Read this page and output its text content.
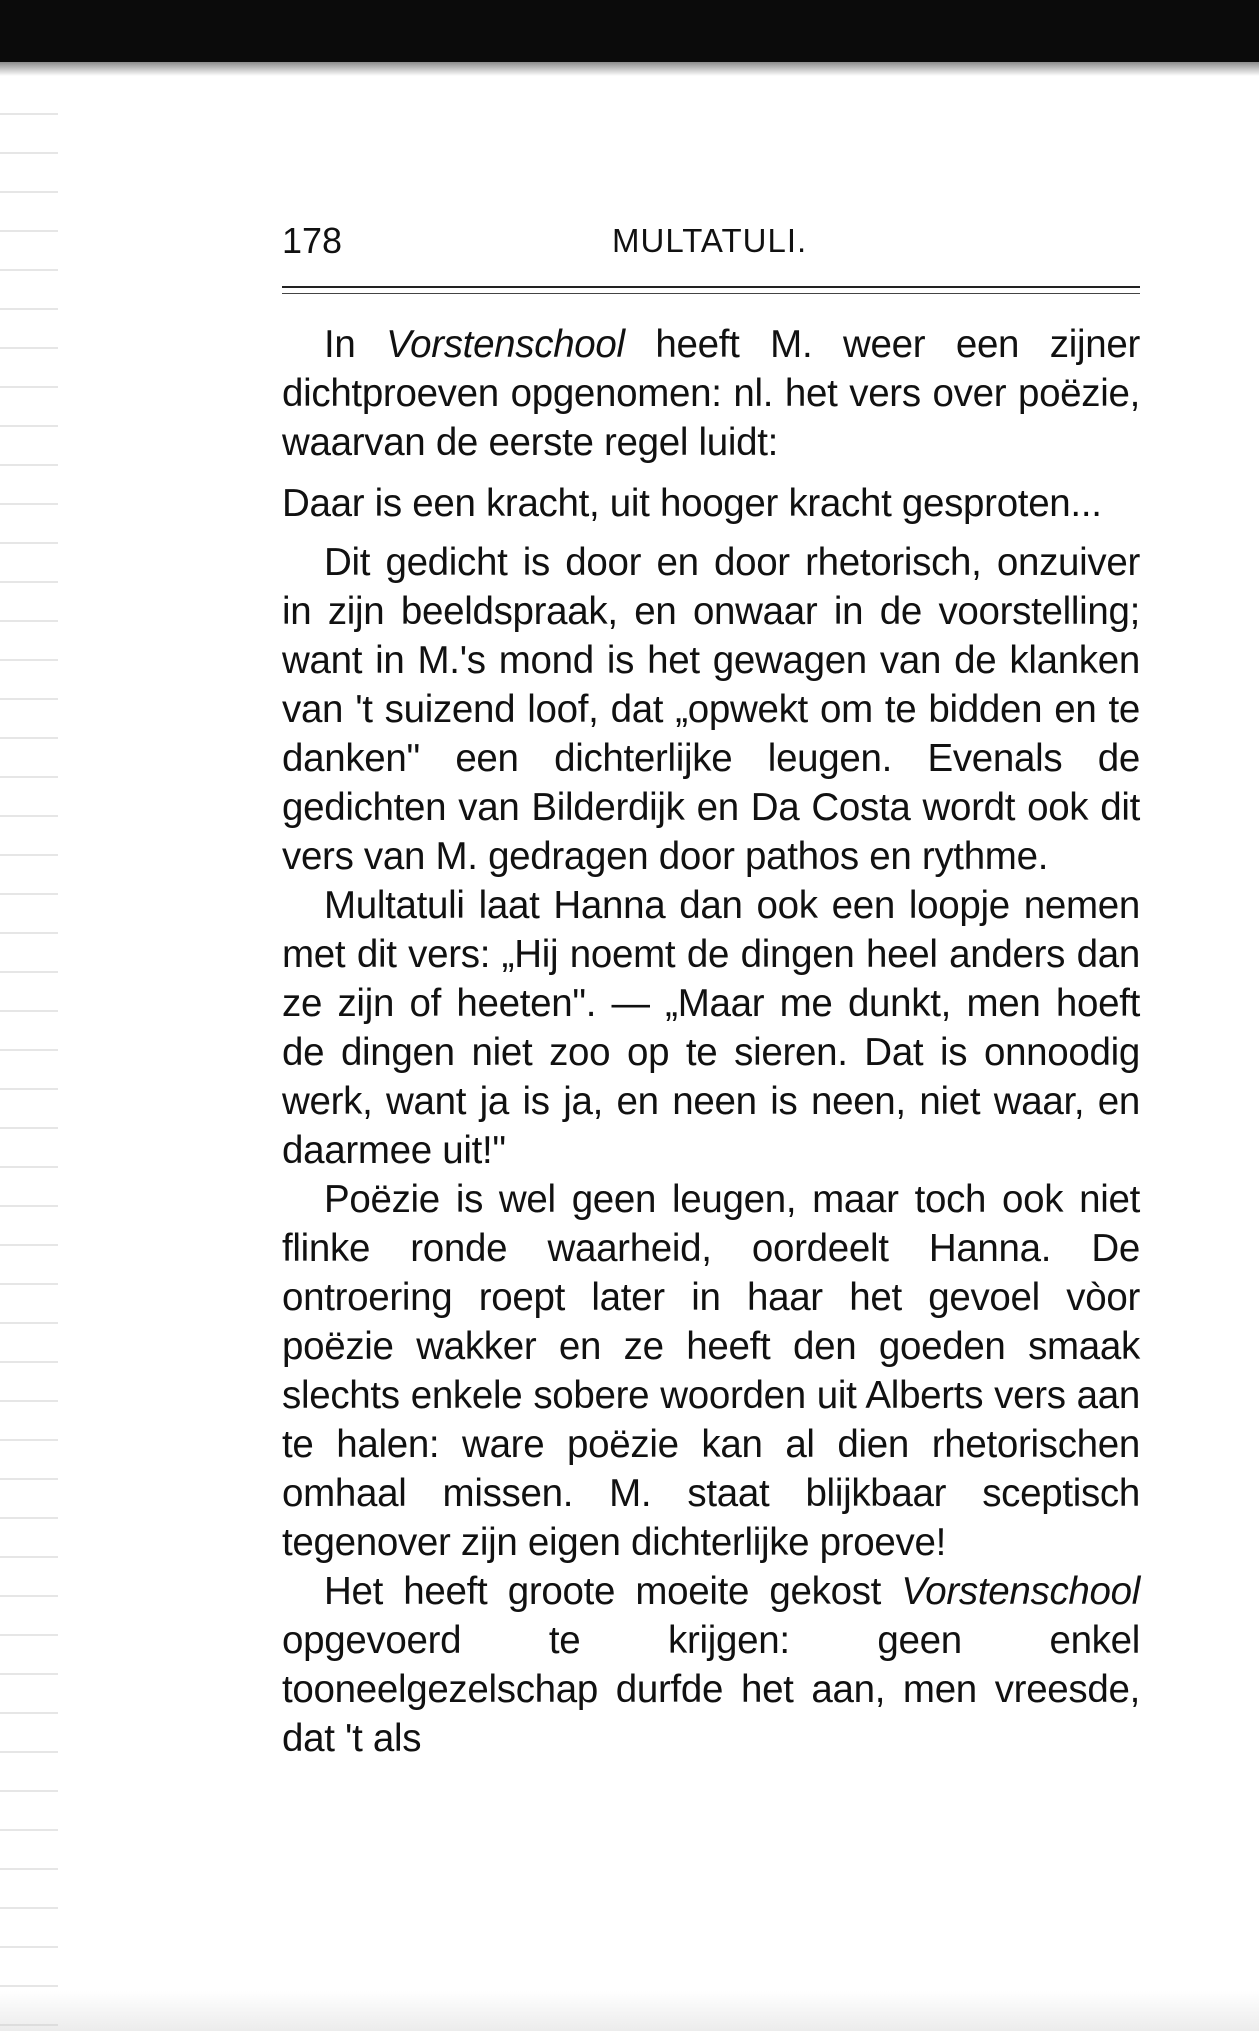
178	MULTATULI.

In Vorstenschool heeft M. weer een zijner dichtproeven opgenomen: nl. het vers over poëzie, waarvan de eerste regel luidt:

Daar is een kracht, uit hooger kracht gesproten...

Dit gedicht is door en door rhetorisch, onzuiver in zijn beeldspraak, en onwaar in de voorstelling; want in M.'s mond is het gewagen van de klanken van 't suizend loof, dat „opwekt om te bidden en te danken" een dichterlijke leugen. Evenals de gedichten van Bilderdijk en Da Costa wordt ook dit vers van M. gedragen door pathos en rythme.

Multatuli laat Hanna dan ook een loopje nemen met dit vers: „Hij noemt de dingen heel anders dan ze zijn of heeten". — „Maar me dunkt, men hoeft de dingen niet zoo op te sieren. Dat is onnoodig werk, want ja is ja, en neen is neen, niet waar, en daarmee uit!"

Poëzie is wel geen leugen, maar toch ook niet flinke ronde waarheid, oordeelt Hanna. De ontroering roept later in haar het gevoel vòor poëzie wakker en ze heeft den goeden smaak slechts enkele sobere woorden uit Alberts vers aan te halen: ware poëzie kan al dien rhetorischen omhaal missen. M. staat blijkbaar sceptisch tegenover zijn eigen dichterlijke proeve!

Het heeft groote moeite gekost Vorstenschool opgevoerd te krijgen: geen enkel tooneelgezelschap durfde het aan, men vreesde, dat 't als
